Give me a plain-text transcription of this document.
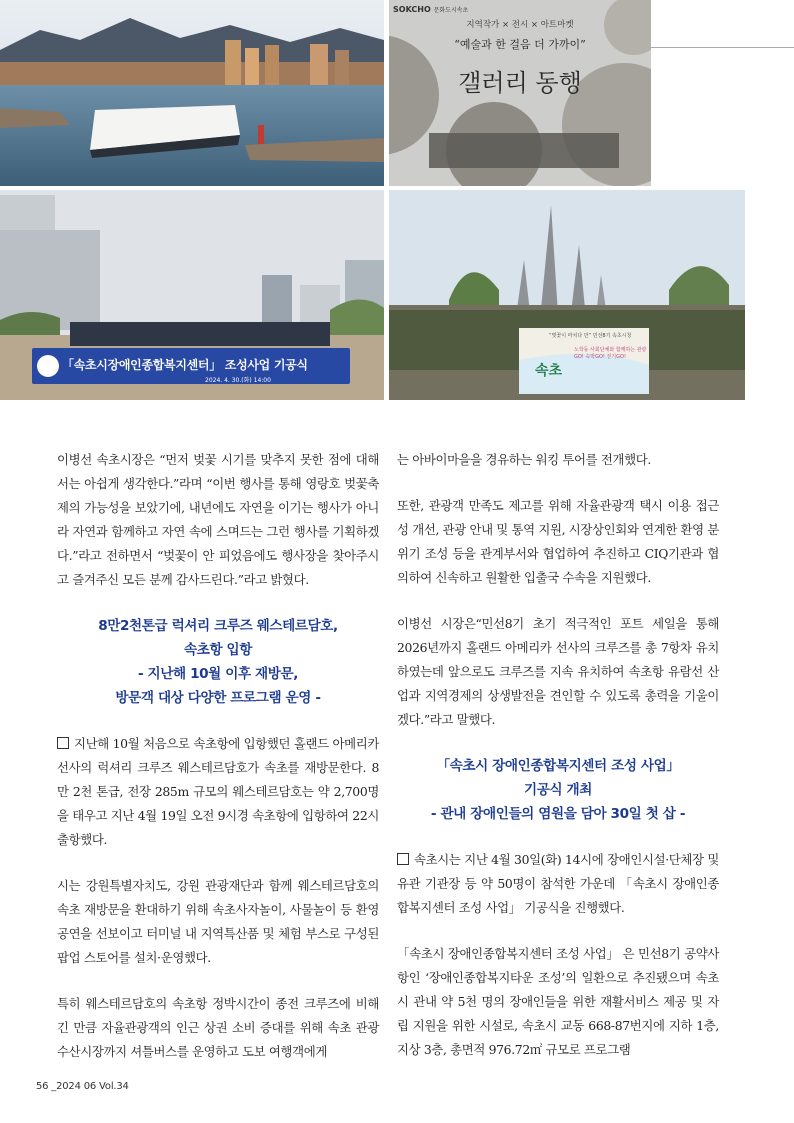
SOKCHO 문화도시속초
지역작가 × 전시 × 아트마켓
“예술과 한 걸음 더 가까이”
갤러리 동행
「속초시장애인종합복지센터」 조성사업 기공식
2024. 4. 30.(화) 14:00
속초
“벚꽃이 마치다 만” 민선8기 속초시청
노학동 사회단체와 함께하는 관광GO! 숙박GO! 걷기GO!

이병선 속초시장은 “먼저 벚꽃 시기를 맞추지 못한 점에 대해서는 아쉽게 생각한다.”라며 “이번 행사를 통해 영랑호 벚꽃축제의 가능성을 보았기에, 내년에도 자연을 이기는 행사가 아니라 자연과 함께하고 자연 속에 스며드는 그런 행사를 기획하겠다.”라고 전하면서 “벚꽃이 안 피었음에도 행사장을 찾아주시고 즐겨주신 모든 분께 감사드린다.”라고 밝혔다.

8만2천톤급 럭셔리 크루즈 웨스테르담호,
속초항 입항
- 지난해 10월 이후 재방문,
방문객 대상 다양한 프로그램 운영 -

지난해 10월 처음으로 속초항에 입항했던 홀랜드 아메리카 선사의 럭셔리 크루즈 웨스테르담호가 속초를 재방문한다. 8만 2천 톤급, 전장 285m 규모의 웨스테르담호는 약 2,700명을 태우고 지난 4월 19일 오전 9시경 속초항에 입항하여 22시 출항했다.

시는 강원특별자치도, 강원 관광재단과 함께 웨스테르담호의 속초 재방문을 환대하기 위해 속초사자놀이, 사물놀이 등 환영 공연을 선보이고 터미널 내 지역특산품 및 체험 부스로 구성된 팝업 스토어를 설치·운영했다.

특히 웨스테르담호의 속초항 정박시간이 종전 크루즈에 비해 긴 만큼 자율관광객의 인근 상권 소비 증대를 위해 속초 관광수산시장까지 셔틀버스를 운영하고 도보 여행객에게

는 아바이마을을 경유하는 워킹 투어를 전개했다.

또한, 관광객 만족도 제고를 위해 자율관광객 택시 이용 접근성 개선, 관광 안내 및 통역 지원, 시장상인회와 연계한 환영 분위기 조성 등을 관계부서와 협업하여 추진하고 CIQ기관과 협의하여 신속하고 원활한 입출국 수속을 지원했다.

이병선 시장은“민선8기 초기 적극적인 포트 세일을 통해 2026년까지 홀랜드 아메리카 선사의 크루즈를 총 7항차 유치하였는데 앞으로도 크루즈를 지속 유치하여 속초항 유람선 산업과 지역경제의 상생발전을 견인할 수 있도록 총력을 기울이겠다.”라고 말했다.

「속초시 장애인종합복지센터 조성 사업」
기공식 개최
- 관내 장애인들의 염원을 담아 30일 첫 삽 -

속초시는 지난 4월 30일(화) 14시에 장애인시설·단체장 및 유관 기관장 등 약 50명이 참석한 가운데 「속초시 장애인종합복지센터 조성 사업」 기공식을 진행했다.

「속초시 장애인종합복지센터 조성 사업」 은 민선8기 공약사항인 ‘장애인종합복지타운 조성’의 일환으로 추진됐으며 속초시 관내 약 5천 명의 장애인들을 위한 재활서비스 제공 및 자립 지원을 위한 시설로, 속초시 교동 668-87번지에 지하 1층, 지상 3층, 총면적 976.72㎡ 규모로 프로그램

56 _2024 06 Vol.34
